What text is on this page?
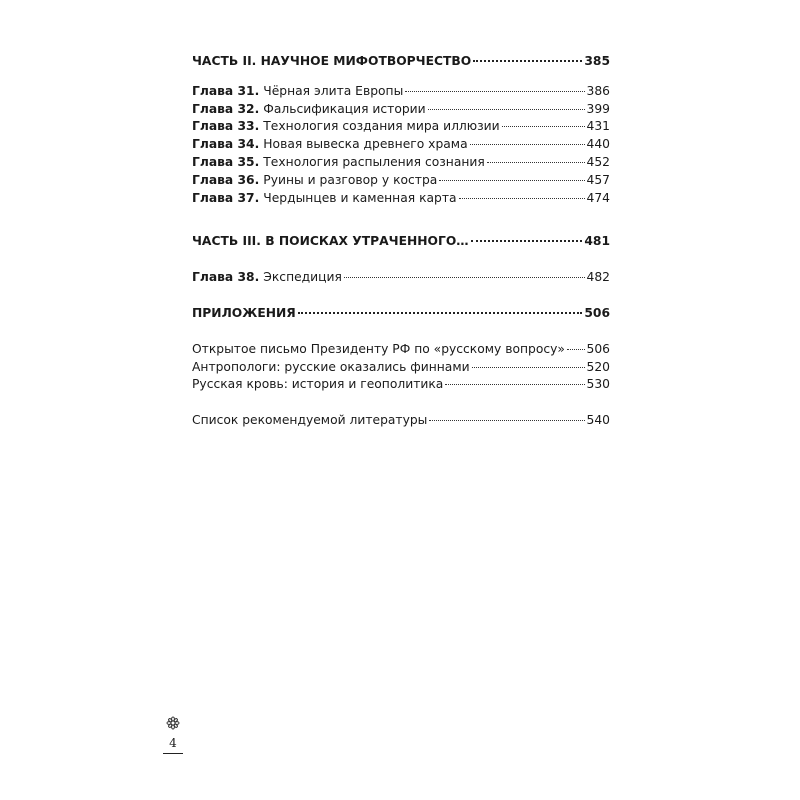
ЧАСТЬ II. НАУЧНОЕ МИФОТВОРЧЕСТВО	385
Глава 31. Чёрная элита Европы	386
Глава 32. Фальсификация истории	399
Глава 33. Технология создания мира иллюзии	431
Глава 34. Новая вывеска древнего храма	440
Глава 35. Технология распыления сознания	452
Глава 36. Руины и разговор у костра	457
Глава 37. Чердынцев и каменная карта	474
ЧАСТЬ III. В ПОИСКАХ УТРАЧЕННОГО…	481
Глава 38. Экспедиция	482
ПРИЛОЖЕНИЯ	506
Открытое письмо Президенту РФ по «русскому вопросу» 506
Антропологи: русские оказались финнами	520
Русская кровь: история и геополитика	530
Список рекомендуемой литературы	540
4
